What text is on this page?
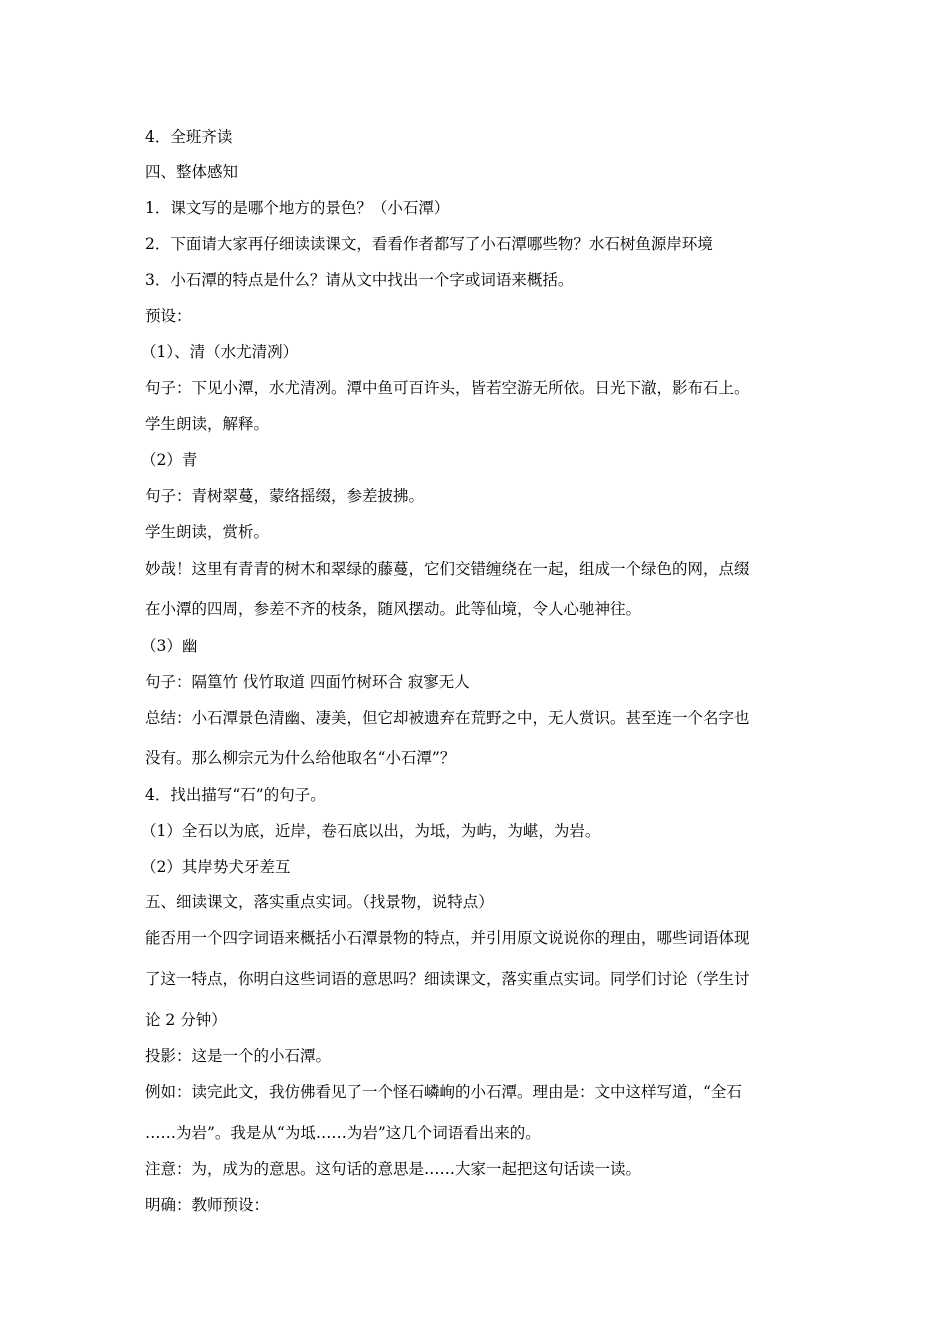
4．全班齐读
四、整体感知
1．课文写的是哪个地方的景色？（小石潭）
2．下面请大家再仔细读读课文，看看作者都写了小石潭哪些物？水石树鱼源岸环境
3．小石潭的特点是什么？请从文中找出一个字或词语来概括。
预设：
（1）、清（水尤清冽）
句子：下见小潭，水尤清冽。潭中鱼可百许头，皆若空游无所依。日光下澈，影布石上。
学生朗读，解释。
（2）青
句子：青树翠蔓，蒙络摇缀，参差披拂。
学生朗读，赏析。
妙哉！这里有青青的树木和翠绿的藤蔓，它们交错缠绕在一起，组成一个绿色的网，点缀
在小潭的四周，参差不齐的枝条，随风摆动。此等仙境，令人心驰神往。
（3）幽
句子：隔篁竹 伐竹取道 四面竹树环合 寂寥无人
总结：小石潭景色清幽、凄美，但它却被遗弃在荒野之中，无人赏识。甚至连一个名字也
没有。那么柳宗元为什么给他取名“小石潭”？
4．找出描写“石”的句子。
（1）全石以为底，近岸，卷石底以出，为坻，为屿，为嵁，为岩。
（2）其岸势犬牙差互
五、细读课文，落实重点实词。（找景物，说特点）
能否用一个四字词语来概括小石潭景物的特点，并引用原文说说你的理由，哪些词语体现
了这一特点，你明白这些词语的意思吗？细读课文，落实重点实词。同学们讨论（学生讨
论 2 分钟）
投影：这是一个的小石潭。
例如：读完此文，我仿佛看见了一个怪石嶙峋的小石潭。理由是：文中这样写道，“全石
……为岩”。我是从“为坻……为岩”这几个词语看出来的。
注意：为，成为的意思。这句话的意思是……大家一起把这句话读一读。
明确：教师预设：
